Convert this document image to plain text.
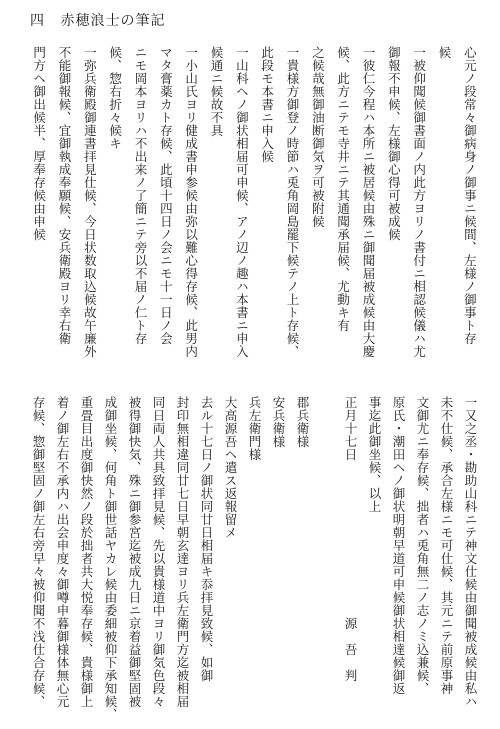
四 赤穂浪士の筆記
心元ノ段常々御病身ノ御事ニ候間、左様ノ御事ト存
候
一被仰聞候御書面ノ内此方ヨリノ書付ニ相認候儀ハ尤
御報不申候、左様御心得可被成候
一彼仁今程ハ本所ニ被居候由殊ニ御聞届被成候由大慶
候、此方ニテモ寺井ニテ其通聞承届候、尤動キ有
之候哉無御油断御気ヲ可被附候
一貴様方御登ノ時節ハ兎角岡島罷下候テノ上ト存候、
此段モ本書ニ申入候
一山科ヘノ御状相届可申候、アノ辺ノ趣ハ本書ニ申入
候通ニ候故不具
一小山氏ヨリ健成書申参候由弥以難心得存候、此男内
マタ膏薬カト存候、此頃十四日ノ会ニモ十一日ノ会
ニモ岡本ヨリハ不出来ノ了簡ニテ旁以不届ノ仁ト存
候、惣右折々候キ
一弥兵衛殿御連書拝見仕候、今日状数取込候故午廉外
不能御報候、宜御執成奉願候、安兵衛殿ヨリ幸右衛
門方ヘ御出候半、厚奉存候由申候
一又之丞・勘助山科ニテ神文仕候由御聞被成候由私ハ
未不仕候、承合左様ニモ可仕候、其元ニテ前原事神
文御尤ニ奉存候、拙者ハ兎角無二ノ志ノミ込兼候、
原氏・潮田ヘノ御状明朝早道可申候御状相達候御返
事迄此御坐候、以上
正月十七日　　　　　　　　　　　　源　吾　判
郡兵衛様
安兵衛様
兵左衛門様
大高源吾ヘ遣ス返報留メ
去ル十七日ノ御状同廿日相届キ忝拝見致候、如御
封印無相違同廿七日早朝玄達ヨリ兵左衛門方迄被相届
同日両人共具致拝見候、先以貴様道中ヨリ御気色段々
被得御快気、殊ニ御参宮迄被成九日ニ京着益御堅固被
成御坐候、何角ト御世話ヤカレ候由委細被仰下承知候、
重畳目出度御快然ノ段於拙者共大悦奉存候、貴様御上
着ノ御左右不承内ハ出会申度々御噂申暮御様体無心元
存候、惣御堅固ノ御左右旁早々被仰聞不浅仕合存候、
